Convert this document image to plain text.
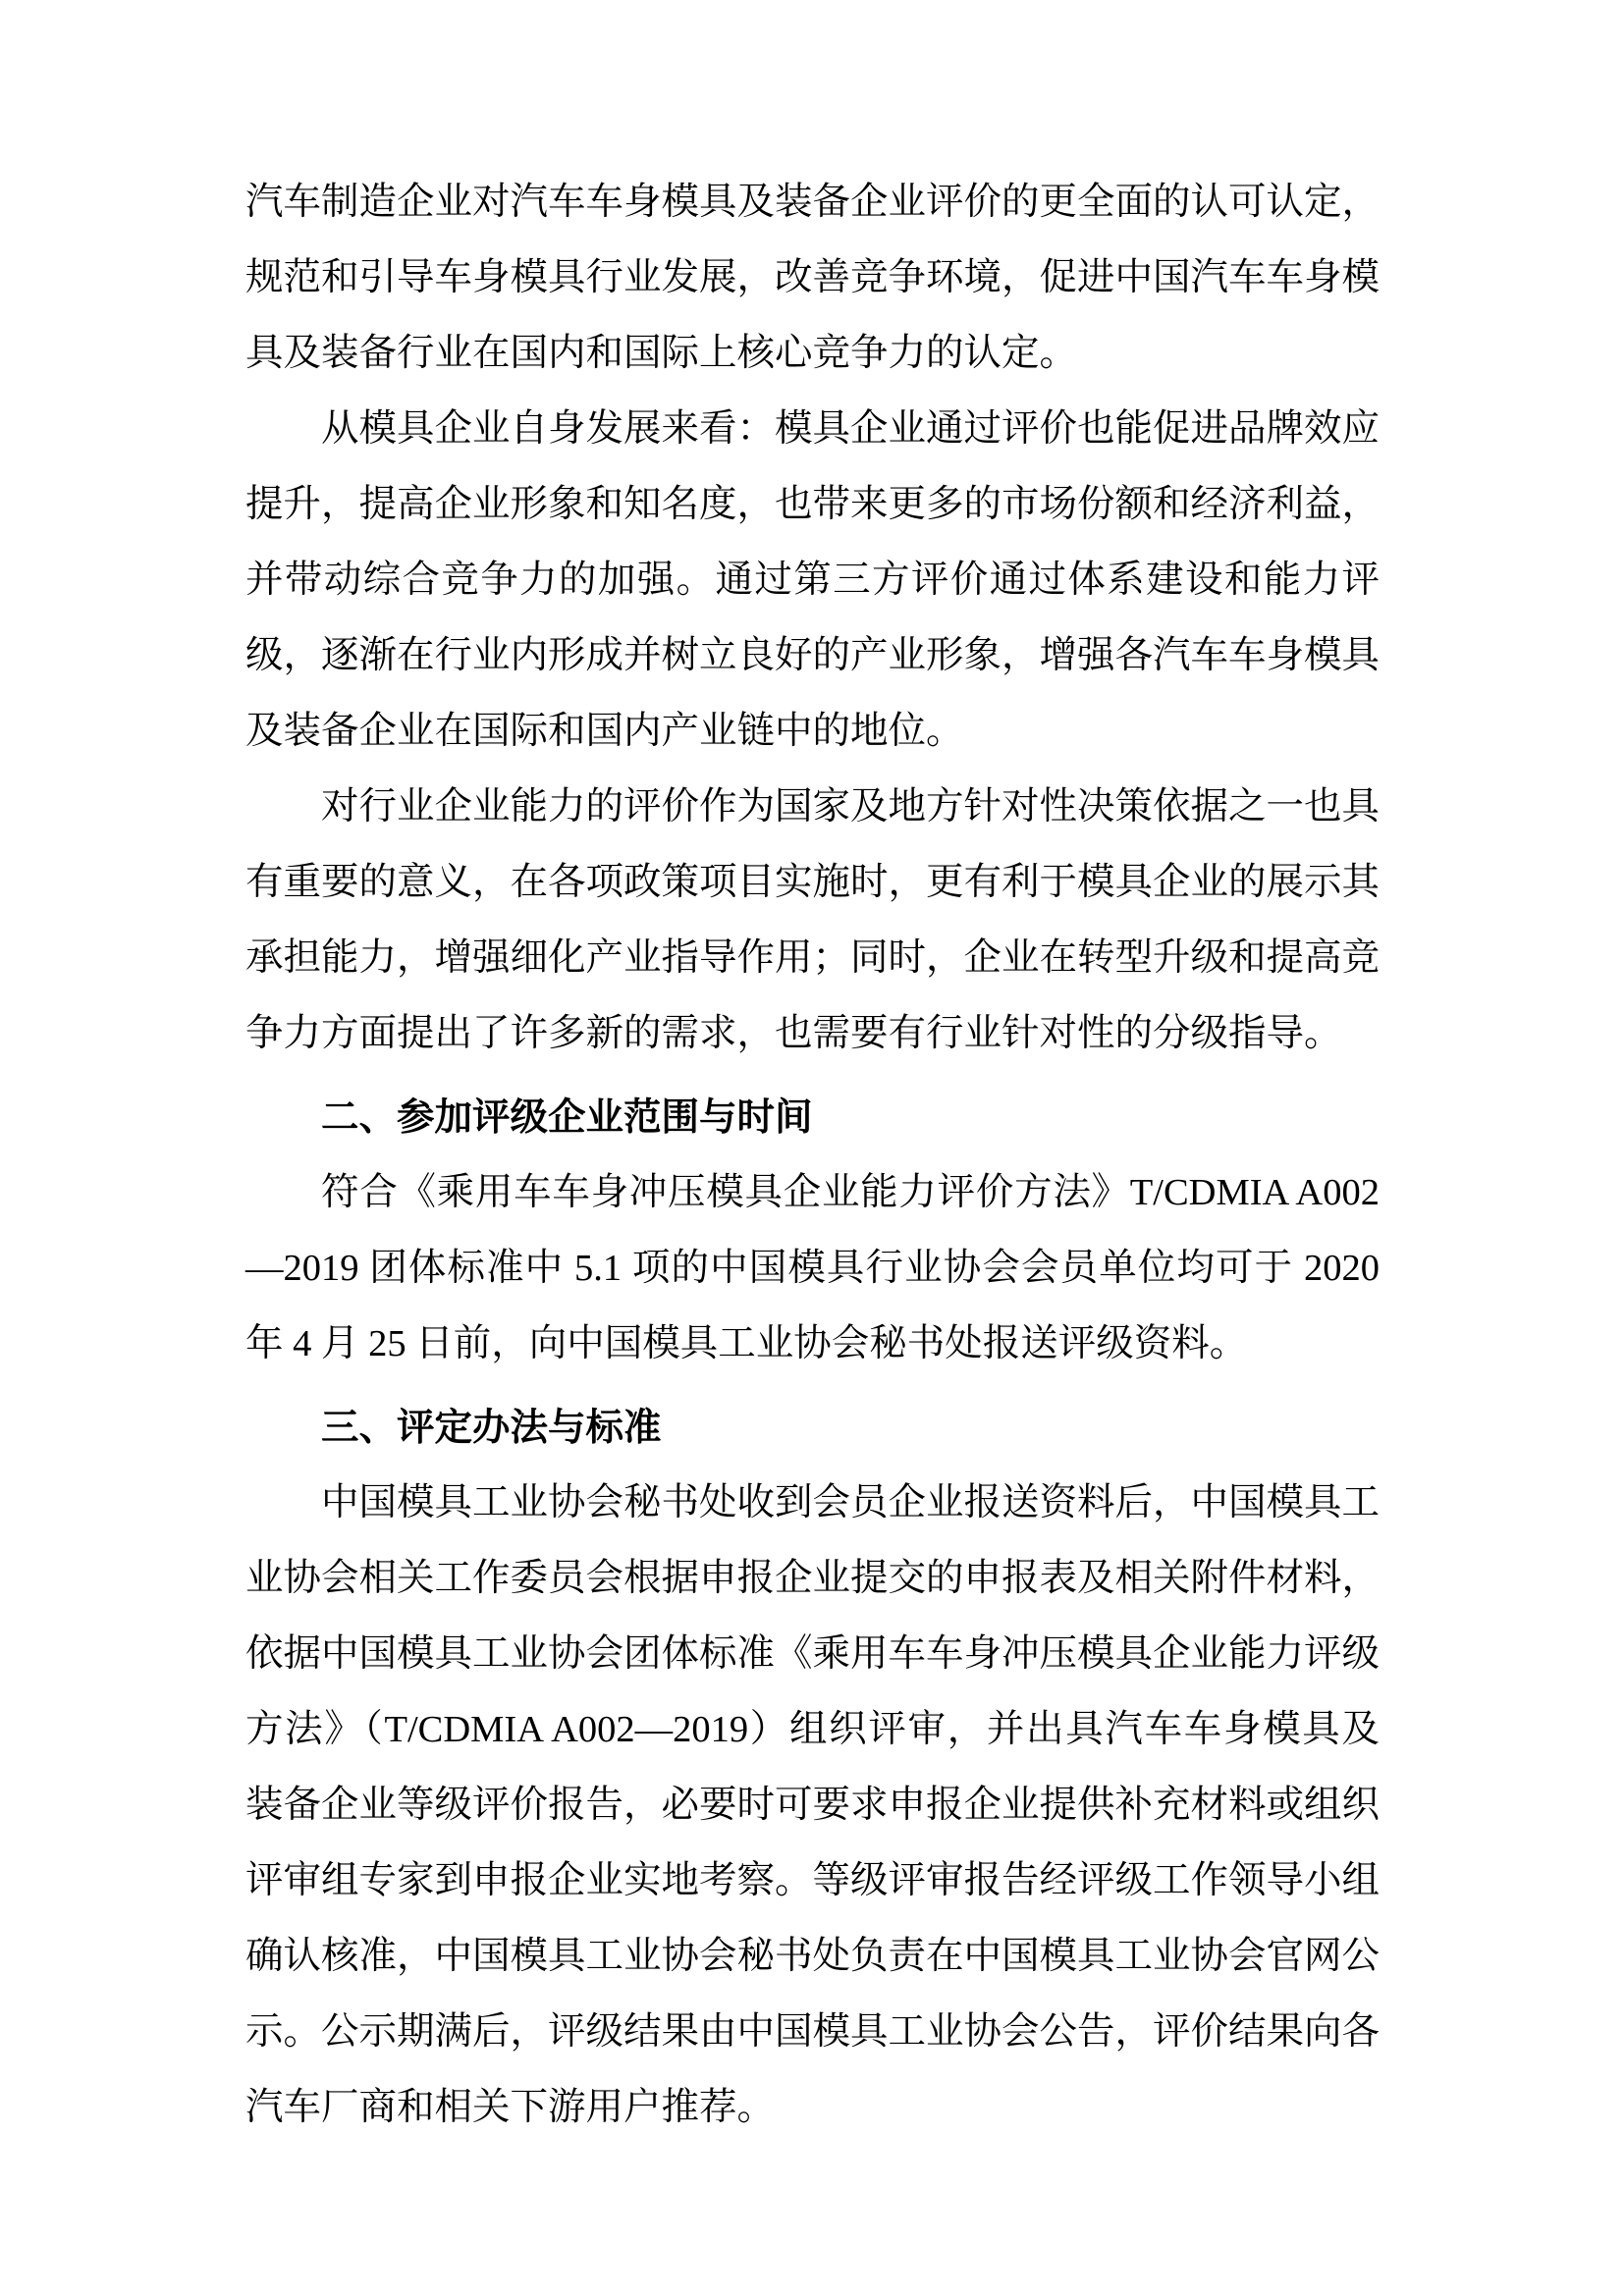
汽车制造企业对汽车车身模具及装备企业评价的更全面的认可认定，规范和引导车身模具行业发展，改善竞争环境，促进中国汽车车身模具及装备行业在国内和国际上核心竞争力的认定。

从模具企业自身发展来看：模具企业通过评价也能促进品牌效应提升，提高企业形象和知名度，也带来更多的市场份额和经济利益，并带动综合竞争力的加强。通过第三方评价通过体系建设和能力评级，逐渐在行业内形成并树立良好的产业形象，增强各汽车车身模具及装备企业在国际和国内产业链中的地位。

对行业企业能力的评价作为国家及地方针对性决策依据之一也具有重要的意义，在各项政策项目实施时，更有利于模具企业的展示其承担能力，增强细化产业指导作用；同时，企业在转型升级和提高竞争力方面提出了许多新的需求，也需要有行业针对性的分级指导。

二、参加评级企业范围与时间

符合《乘用车车身冲压模具企业能力评价方法》T/CDMIA A002—2019 团体标准中 5.1 项的中国模具行业协会会员单位均可于 2020 年 4 月 25 日前，向中国模具工业协会秘书处报送评级资料。

三、评定办法与标准

中国模具工业协会秘书处收到会员企业报送资料后，中国模具工业协会相关工作委员会根据申报企业提交的申报表及相关附件材料，依据中国模具工业协会团体标准《乘用车车身冲压模具企业能力评级方法》（T/CDMIA A002—2019）组织评审，并出具汽车车身模具及装备企业等级评价报告，必要时可要求申报企业提供补充材料或组织评审组专家到申报企业实地考察。等级评审报告经评级工作领导小组确认核准，中国模具工业协会秘书处负责在中国模具工业协会官网公示。公示期满后，评级结果由中国模具工业协会公告，评价结果向各汽车厂商和相关下游用户推荐。
